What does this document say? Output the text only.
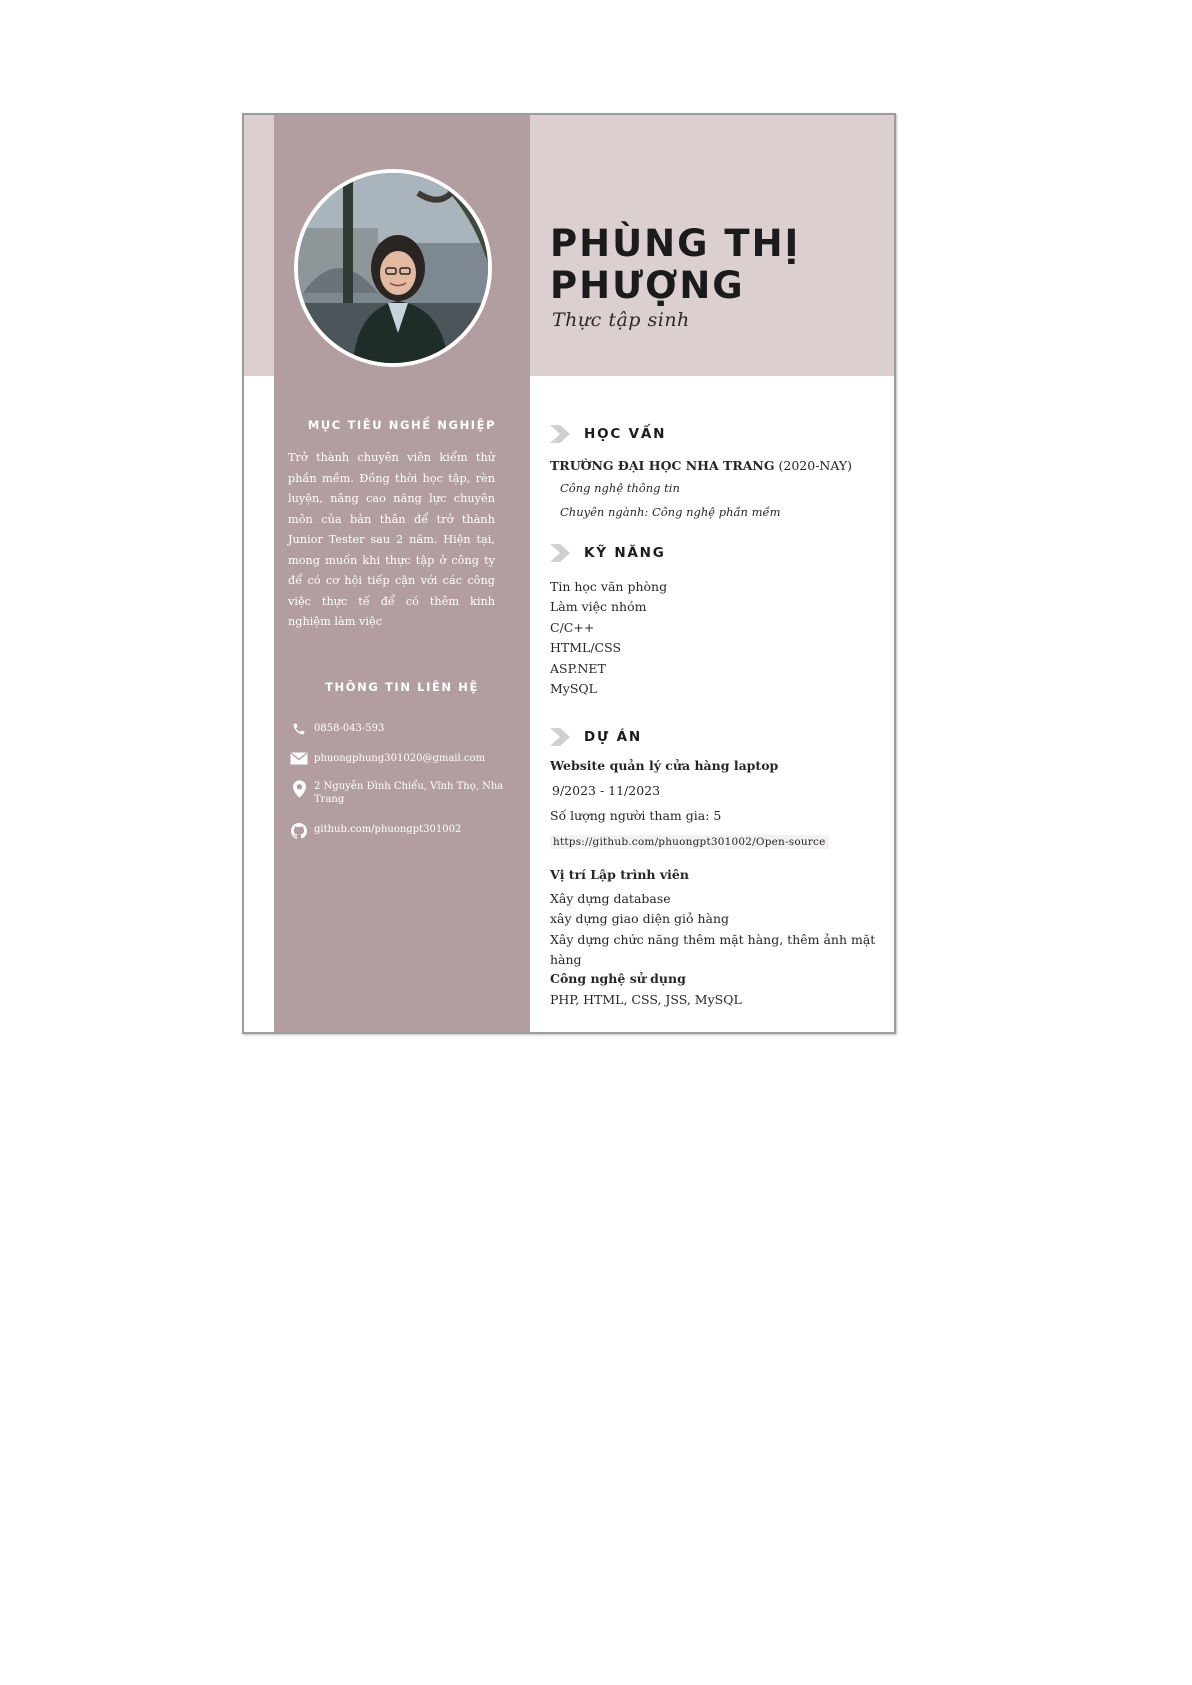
PHÙNG THỊ
PHƯỢNG
Thực tập sinh
MỤC TIÊU NGHỀ NGHIỆP
Trở thành chuyên viên kiểm thử phần mềm. Đồng thời học tập, rèn luyện, nâng cao năng lực chuyên môn của bản thân để trở thành Junior Tester sau 2 năm. Hiện tại, mong muốn khi thực tập ở công ty để có cơ hội tiếp cận với các công việc thực tế để có thêm kinh nghiệm làm việc
THÔNG TIN LIÊN HỆ
0858-043-593
phuongphung301020@gmail.com
2 Nguyễn Đình Chiểu, Vĩnh Thọ, Nha Trang
github.com/phuongpt301002
HỌC VẤN
TRƯỜNG ĐẠI HỌC NHA TRANG (2020-NAY)
Công nghệ thông tin
Chuyên ngành: Công nghệ phần mềm
KỸ NĂNG
Tin học văn phòng
Làm việc nhóm
C/C++
HTML/CSS
ASP.NET
MySQL
DỰ ÁN
Website quản lý cửa hàng laptop
9/2023 - 11/2023
Số lượng người tham gia: 5
https://github.com/phuongpt301002/Open-source
Vị trí Lập trình viên
Xây dựng database
xây dựng giao diện giỏ hàng
Xây dựng chức năng thêm mặt hàng, thêm ảnh mặt hàng
Công nghệ sử dụng
PHP, HTML, CSS, JSS, MySQL
